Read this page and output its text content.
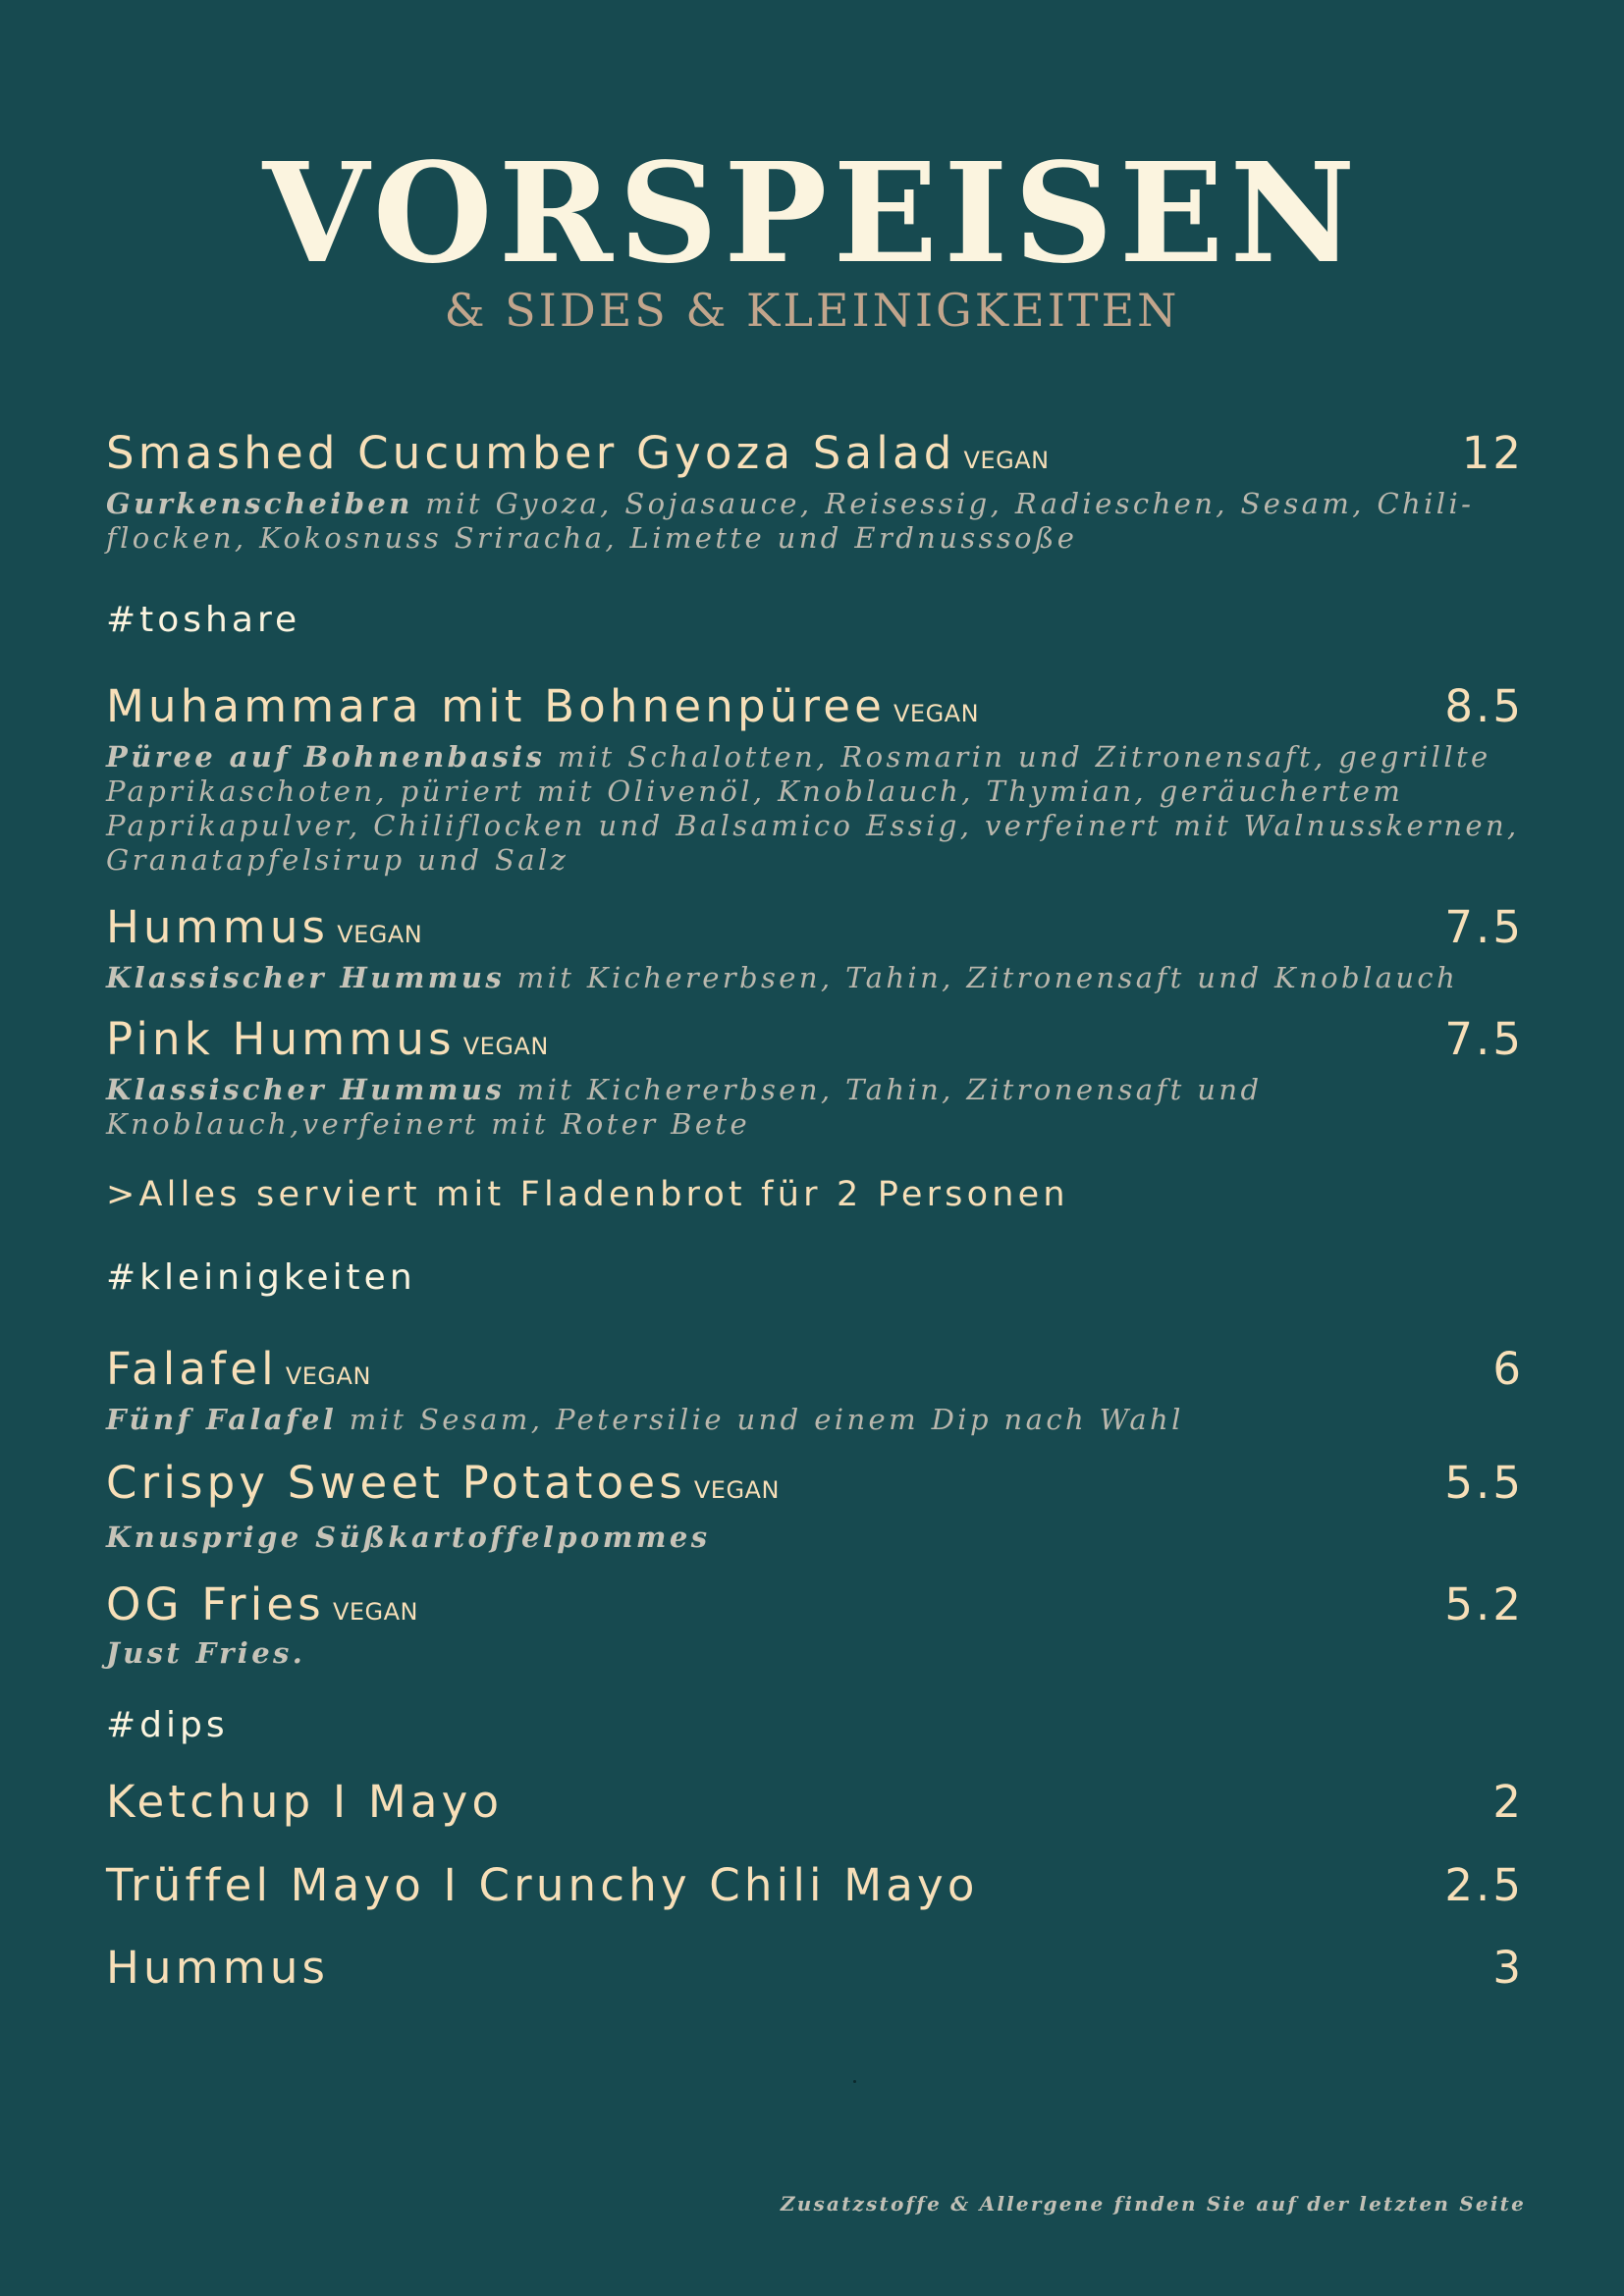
VORSPEISEN
& SIDES & KLEINIGKEITEN
Smashed Cucumber Gyoza Salad VEGAN	12
Gurkenscheiben mit Gyoza, Sojasauce, Reisessig, Radieschen, Sesam, Chiliflocken, Kokosnuss Sriracha, Limette und Erdnusssoße
#toshare
Muhammara mit Bohnenpüree VEGAN	8.5
Püree auf Bohnenbasis mit Schalotten, Rosmarin und Zitronensaft, gegrillte Paprikaschoten, püriert mit Olivenöl, Knoblauch, Thymian, geräuchertem Paprikapulver, Chiliflocken und Balsamico Essig, verfeinert mit Walnusskernen, Granatapfelsirup und Salz
Hummus VEGAN	7.5
Klassischer Hummus mit Kichererbsen, Tahin, Zitronensaft und Knoblauch
Pink Hummus VEGAN	7.5
Klassischer Hummus mit Kichererbsen, Tahin, Zitronensaft und Knoblauch,verfeinert mit Roter Bete
>Alles serviert mit Fladenbrot für 2 Personen
#kleinigkeiten
Falafel VEGAN	6
Fünf Falafel mit Sesam, Petersilie und einem Dip nach Wahl
Crispy Sweet Potatoes VEGAN	5.5
Knusprige Süßkartoffelpommes
OG Fries VEGAN	5.2
Just Fries.
#dips
Ketchup I Mayo	2
Trüffel Mayo I Crunchy Chili Mayo	2.5
Hummus	3
Zusatzstoffe & Allergene finden Sie auf der letzten Seite
